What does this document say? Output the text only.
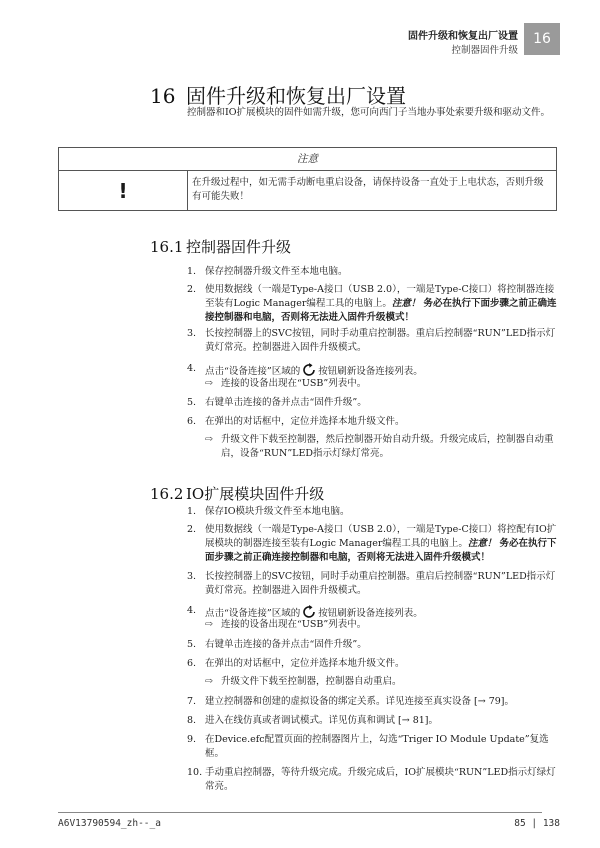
固件升级和恢复出厂设置
控制器固件升级
16
16 固件升级和恢复出厂设置
控制器和IO扩展模块的固件如需升级，您可向西门子当地办事处索要升级和驱动文件。
注意
!	在升级过程中，如无需手动断电重启设备，请保持设备一直处于上电状态，否则升级有可能失败！
16.1 控制器固件升级
1. 保存控制器升级文件至本地电脑。
2. 使用数据线（一端是Type-A接口（USB 2.0），一端是Type-C接口）将控制器连接至装有Logic Manager编程工具的电脑上。注意！ 务必在执行下面步骤之前正确连接控制器和电脑，否则将无法进入固件升级模式！
3. 长按控制器上的SVC按钮，同时手动重启控制器。重启后控制器“RUN”LED指示灯黄灯常亮。控制器进入固件升级模式。
4. 点击“设备连接”区域的 按钮刷新设备连接列表。
⇨ 连接的设备出现在“USB”列表中。
5. 右键单击连接的备并点击“固件升级”。
6. 在弹出的对话框中，定位并选择本地升级文件。
⇨ 升级文件下载至控制器，然后控制器开始自动升级。升级完成后，控制器自动重启，设备“RUN”LED指示灯绿灯常亮。
16.2 IO扩展模块固件升级
1. 保存IO模块升级文件至本地电脑。
2. 使用数据线（一端是Type-A接口（USB 2.0），一端是Type-C接口）将控配有IO扩展模块的制器连接至装有Logic Manager编程工具的电脑上。注意！ 务必在执行下面步骤之前正确连接控制器和电脑，否则将无法进入固件升级模式！
3. 长按控制器上的SVC按钮，同时手动重启控制器。重启后控制器“RUN”LED指示灯黄灯常亮。控制器进入固件升级模式。
4. 点击“设备连接”区域的 按钮刷新设备连接列表。
⇨ 连接的设备出现在“USB”列表中。
5. 右键单击连接的备并点击“固件升级”。
6. 在弹出的对话框中，定位并选择本地升级文件。
⇨ 升级文件下载至控制器，控制器自动重启。
7. 建立控制器和创建的虚拟设备的绑定关系。详见连接至真实设备 [→ 79]。
8. 进入在线仿真或者调试模式。详见仿真和调试 [→ 81]。
9. 在Device.efc配置页面的控制器图片上，勾选“Triger IO Module Update”复选框。
10. 手动重启控制器，等待升级完成。升级完成后，IO扩展模块“RUN”LED指示灯绿灯常亮。
A6V13790594_zh--_a	85 | 138
